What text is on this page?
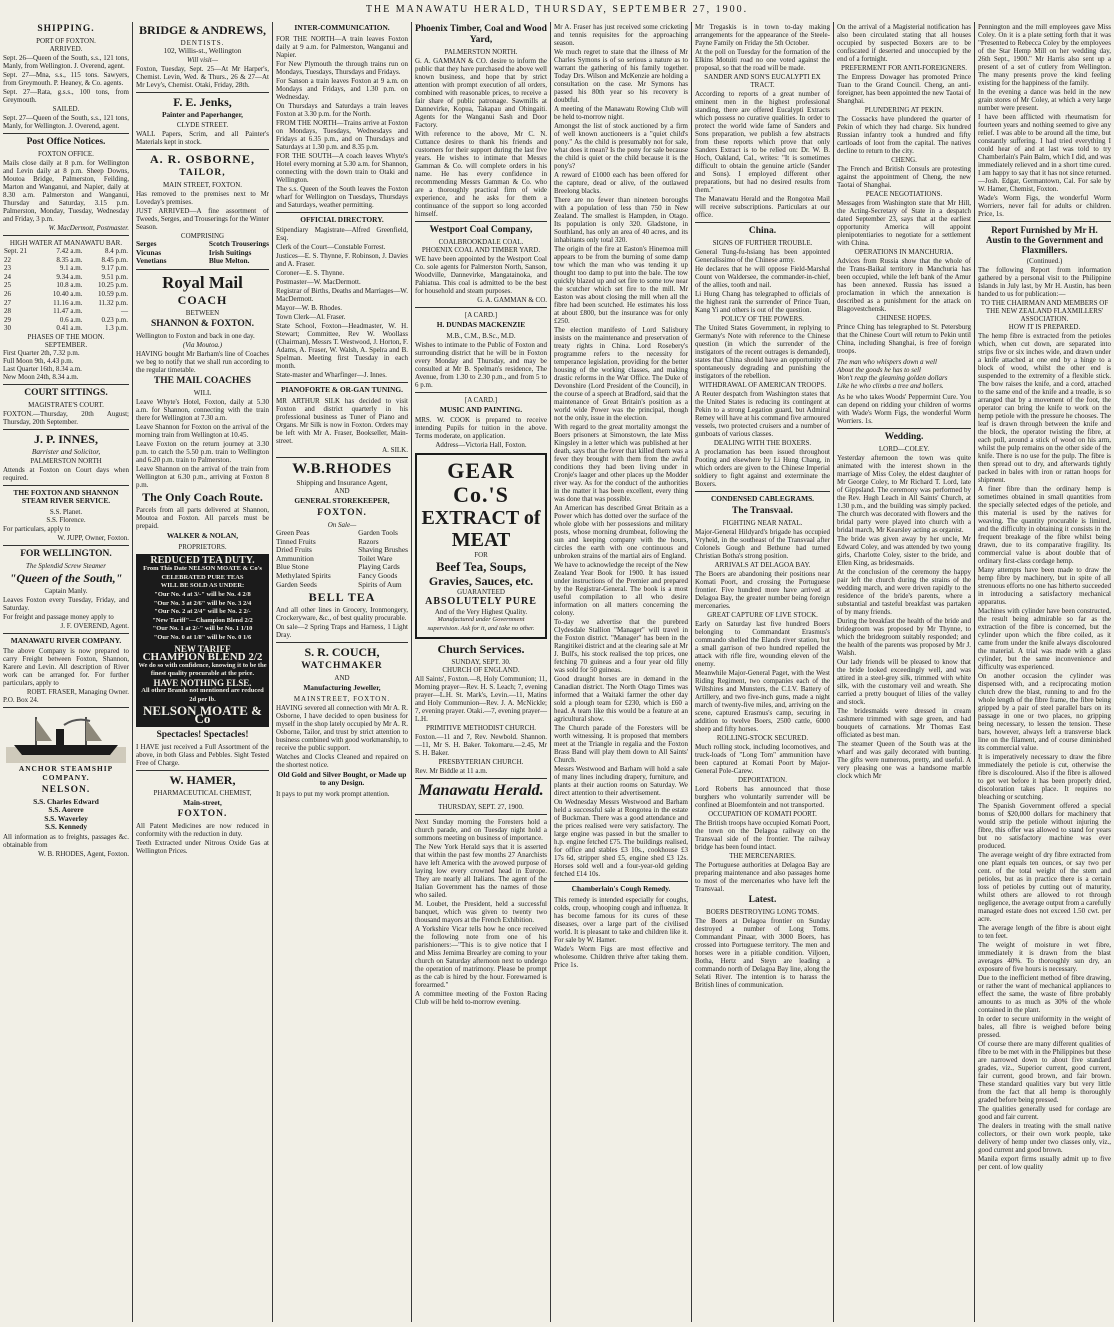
THE MANAWATU HERALD, THURSDAY, SEPTEMBER 27, 1900.
SHIPPING.
PORT OF FOXTON.
ARRIVED.
Sept. 26—Queen of the South, s.s., 121 tons, Manly, from Wellington. J. Overend, agent.
Sept. 27—Mna, s.s., 115 tons. Sawyers, from Greymouth. P. Heaney, & Co. agents.
Sept. 27—Rata, g.s.s., 100 tons, from Greymouth.
SAILED.
Sept. 27—Queen of the South, s.s., 121 tons, Manly, for Wellington. J. Overend, agent.
Post Office Notices.
FOXTON OFFICE.
Mails close daily at 8 p.m. for Wellington and Levin daily at 8 p.m. Sheep Downs, Moutoa Bridge, Palmerston, Feilding, Marton and Wanganui, and Napier, daily at 8.30 a.m. Palmerston and Wanganui, Thursday and Saturday, 3.15 p.m. Palmerston, Monday, Tuesday, Wednesday and Friday, 3 p.m.
W. MacDermott, Postmaster.
HIGH WATER AT MANAWATU BAR.
Sept. 21	7.42 a.m.	8.4 p.m.
22	8.35 a.m.	8.45 p.m.
23	9.1 a.m.	9.17 p.m.
24	9.34 a.m.	9.51 p.m.
25	10.8 a.m.	10.25 p.m.
26	10.40 a.m.	10.59 p.m.
27	11.16 a.m.	11.32 p.m.
28	11.47 a.m.	—
29	0.6 a.m.	0.23 p.m.
30	0.41 a.m.	1.3 p.m.
PHASES OF THE MOON.
SEPTEMBER.
First Quarter 2th, 7.32 p.m.
Full Moon 9th, 4.43 p.m.
Last Quarter 16th, 8.34 a.m.
New Moon 24th, 8.34 a.m.
COURT SITTINGS.
MAGISTRATE'S COURT.
FOXTON.—Thursday, 20th August; Thursday, 20th September.
J. P. INNES,
Barrister and Solicitor,
PALMERSTON NORTH
Attends at Foxton on Court days when required.
THE FOXTON AND SHANNON STEAM RIVER SERVICE.
S.S. Planet.
S.S. Florence.
For particulars, apply to
W. JUPP, Owner, Foxton.
FOR WELLINGTON.
The Splendid Screw Steamer
"Queen of the South,"
Captain Manly.
Leaves Foxton every Tuesday, Friday, and Saturday.
For freight and passage money apply to
J. F. OVEREND, Agent.
MANAWATU RIVER COMPANY.
The above Company is now prepared to carry Freight between Foxton, Shannon, Karere and Levin. All description of River work can be arranged for. For further particulars, apply to
ROBT. FRASER, Managing Owner.
P.O. Box 24.
ANCHOR STEAMSHIP COMPANY.
NELSON.
S.S. Charles Edward
S.S. Aorere
S.S. Waverley
S.S. Kennedy
All information as to freights, passages &c. obtainable from
W. B. RHODES, Agent, Foxton.
BRIDGE & ANDREWS,
DENTISTS.
102, Willis-st., Wellington
Will visit—
Foxton, Tuesday, Sept. 25—At Mr Harper's, Chemist. Levin, Wed. & Thurs., 26 & 27—At Mr Levy's, Chemist. Otaki, Friday, 28th.
F. E. Jenks,
Painter and Paperhanger,
CLYDE STREET.
WALL Papers, Scrim, and all Painter's Materials kept in stock.
A. R. OSBORNE,
TAILOR,
MAIN STREET, FOXTON.
Has removed to the premises next to Mr Loveday's premises.
JUST ARRIVED—A fine assortment of Tweeds, Serges, and Trouserings for the Winter Season.
COMPRISING
Serges
Vicunas
Venetians
Scotch Trouserings
Irish Suitings
Blue Melton.
Royal Mail
COACH
BETWEEN
SHANNON & FOXTON.
Wellington to Foxton and back in one day.
(Via Moutoa.)
HAVING bought Mr Barham's line of Coaches we beg to notify that we shall run according to the regular timetable.
THE MAIL COACHES
WILL
Leave Whyte's Hotel, Foxton, daily at 5.30 a.m. for Shannon, connecting with the train there for Wellington at 7.30 a.m.
Leave Shannon for Foxton on the arrival of the morning train from Wellington at 10.45.
Leave Foxton on the return journey at 3.30 p.m. to catch the 5.50 p.m. train to Wellington and 6.20 p.m. train to Palmerston.
Leave Shannon on the arrival of the train from Wellington at 6.30 p.m., arriving at Foxton 8 p.m.
The Only Coach Route.
Parcels from all parts delivered at Shannon, Moutoa and Foxton. All parcels must be prepaid.
WALKER & NOLAN,
PROPRIETORS.
REDUCED TEA DUTY.
From This Date NELSON MOATE & Co's
CELEBRATED PURE TEAS
WILL BE SOLD AS UNDER:
"Our No. 4 at 3/-" will be No. 4 2/8
"Our No. 3 at 2/6" will be No. 3 2/4
"Our No. 2 at 2/4" will be No. 2 2/-
"New Tariff"—Champion Blend 2/2
"Our No. 1 at 2/-" will be No. 1 1/10
"Our No. 0 at 1/8" will be No. 0 1/6
NEW TARIFF
CHAMPION BLEND 2/2
We do so with confidence, knowing it to be the finest quality procurable at the price.
HAVE NOTHING ELSE.
All other Brands not mentioned are reduced 2d per lb.
NELSON MOATE & Co
Spectacles! Spectacles!
I HAVE just received a Full Assortment of the above, in both Glass and Pebbles. Sight Tested Free of Charge.
W. HAMER,
PHARMACEUTICAL CHEMIST,
Main-street,
FOXTON.
All Patent Medicines are now reduced in conformity with the reduction in duty.
Teeth Extracted under Nitrous Oxide Gas at Wellington Prices.
INTER-COMMUNICATION.
FOR THE NORTH—A train leaves Foxton daily at 9 a.m. for Palmerston, Wanganui and Napier.
For New Plymouth the through trains run on Mondays, Tuesdays, Thursdays and Fridays.
For Sanson a train leaves Foxton at 9 a.m. on Mondays and Fridays, and 1.30 p.m. on Wednesday.
On Thursdays and Saturdays a train leaves Foxton at 3.30 p.m. for the North.
FROM THE NORTH—Trains arrive at Foxton on Mondays, Tuesdays, Wednesdays and Fridays at 6.35 p.m., and on Thursdays and Saturdays at 1.30 p.m. and 8.35 p.m.
FOR THE SOUTH—A coach leaves Whyte's Hotel every morning at 5.30 a.m. for Shannon, connecting with the down train to Otaki and Wellington.
The s.s. Queen of the South leaves the Foxton wharf for Wellington on Tuesdays, Thursdays and Saturdays, weather permitting.
OFFICIAL DIRECTORY.
Stipendiary Magistrate—Alfred Greenfield, Esq.
Clerk of the Court—Constable Forrest.
Justices—E. S. Thynne, F. Robinson, J. Davies and A. Fraser.
Coroner—E. S. Thynne.
Postmaster—W. MacDermott.
Registrar of Births, Deaths and Marriages—W. MacDermott.
Mayor—W. B. Rhodes.
Town Clerk—Al. Fraser.
State School, Foxton—Headmaster, W. H. Stewart; Committee, Rev W. Woollass (Chairman), Messrs T. Westwood, J. Horton, F. Adams, A. Fraser, W. Walsh, A. Spelra and B. Spelman. Meeting first Tuesday in each month.
State-master and Wharfinger—J. Innes.
PIANOFORTE & OR-GAN TUNING.
MR ARTHUR SILK has decided to visit Foxton and district quarterly in his professional business as Tuner of Piano and Organs. Mr Silk is now in Foxton. Orders may be left with Mr A. Fraser, Bookseller, Main-street.
A. SILK.
W.B.RHODES
Shipping and Insurance Agent,
AND
GENERAL STOREKEEPER,
FOXTON.
On Sale—
Green Peas
Tinned Fruits
Dried Fruits
Ammunition
Blue Stone
Methylated Spirits
Garden Seeds
Garden Tools
Razors
Shaving Brushes
Toilet Ware
Playing Cards
Fancy Goods
Spirits of Aum
BELL TEA
And all other lines in Grocery, Ironmongery, Crockeryware, &c., of best quality procurable.
On sale—2 Spring Traps and Harness, 1 Light Dray.
S. R. COUCH,
WATCHMAKER
AND
Manufacturing Jeweller,
MAINSTREET, FOXTON.
HAVING severed all connection with Mr A. R. Osborne, I have decided to open business for myself in the shop lately occupied by Mr A. R. Osborne, Tailor, and trust by strict attention to business combined with good workmanship, to receive the public support.
Watches and Clocks Cleaned and repaired on the shortest notice.
Old Gold and Silver Bought, or Made up to any Design.
It pays to put my work prompt attention.
Phoenix Timber, Coal and Wood Yard,
PALMERSTON NORTH.
G. A. GAMMAN & CO. desire to inform the public that they have purchased the above well known business, and hope that by strict attention with prompt execution of all orders, combined with reasonable prices, to receive a fair share of public patronage. Sawmills at Dannevirke, Kopua, Takapau and Ohingaiti. Agents for the Wanganui Sash and Door Factory.
With reference to the above, Mr C. N. Cuttance desires to thank his friends and customers for their support during the last five years. He wishes to intimate that Messrs Gamman & Co. will complete orders in his name. He has every confidence in recommending Messrs Gamman & Co. who are a thoroughly practical firm of wide experience, and he asks for them a continuance of the support so long accorded himself.
Westport Coal Company,
COALBROOKDALE COAL.
PHOENIX COAL AND TIMBER YARD.
WE have been appointed by the Westport Coal Co. sole agents for Palmerston North, Sanson, Woodville, Dannevirke, Mangatainoka, and Pahiatua. This coal is admitted to be the best for household and steam purposes.
G. A. GAMMAN & CO.
[A CARD.]
H. DUNDAS MACKENZIE
M.B., C.M., B.Sc., M.D.
Wishes to intimate to the Public of Foxton and surrounding district that he will be in Foxton every Monday and Thursday, and may be consulted at Mr B. Spelman's residence, The Avenue, from 1.30 to 2.30 p.m., and from 5 to 6 p.m.
[A CARD.]
MUSIC AND PAINTING.
MRS. W. COOK is prepared to receive intending Pupils for tuition in the above. Terms moderate, on application.
Address—Victoria Hall, Foxton.
GEAR Co.'S
EXTRACT of MEAT
FOR
Beef Tea, Soups,
Gravies, Sauces, etc.
GUARANTEED
ABSOLUTELY PURE
And of the Very Highest Quality.
Manufactured under Government supervision. Ask for it, and take no other.
Church Services.
SUNDAY, SEPT. 30.
CHURCH OF ENGLAND.
All Saints', Foxton.—8, Holy Communion; 11, Morning prayer—Rev. H. S. Leach; 7, evening prayer—L.H. St. Mark's, Levin.—11, Matins and Holy Communion—Rev. J. A. McNickle; 7, evening prayer. Otaki.—7, evening prayer—L.H.
PRIMITIVE METHODIST CHURCH.
Foxton.—11 and 7, Rev. Newbold. Shannon.—11, Mr S. H. Baker. Tokomaru.—2.45, Mr S. H. Baker.
PRESBYTERIAN CHURCH.
Rev. Mr Biddle at 11 a.m.
Manawatu Herald.
THURSDAY, SEPT. 27, 1900.
Next Sunday morning the Foresters hold a church parade, and on Tuesday night hold a sommons meeting on business of importance.
The New York Herald says that it is asserted that within the past few months 27 Anarchists have left America with the avowed purpose of laying low every crowned head in Europe. They are nearly all Italians. The agent of the Italian Government has the names of those who sailed.
M. Loubet, the President, held a successful banquet, which was given to twenty two thousand mayors at the French Exhibition.
A Yorkshire Vicar tells how he once received the following note from one of his parishioners:—"This is to give notice that I and Miss Jemima Brearley are coming to your church on Saturday afternoon next to undergo the operation of matrimony. Please be prompt as the cab is hired by the hour. Forewarned is forearmed."
A committee meeting of the Foxton Racing Club will be held to-morrow evening.
Mr A. Fraser has just received some cricketing and tennis requisites for the approaching season.
We much regret to state that the illness of Mr Charles Symons is of so serious a nature as to warrant the gathering of his family together. Today Drs. Wilson and McKenzie are holding a consultation on the case. Mr Symons has passed his 80th year so his recovery is doubtful.
A meeting of the Manawatu Rowing Club will be held to-morrow night.
Amongst the list of stock auctioned by a firm of well known auctioneers is a "quiet child's pony." As the child is presumably not for sale, what does it mean? Is the pony for sale because the child is quiet or the child because it is the pony's?
A reward of £1000 each has been offered for the capture, dead or alive, of the outlawed Breelong blacks.
There are no fewer than nineteen boroughs with a population of less than 750 in New Zealand. The smallest is Hampden, in Otago. Its population is only 320. Gladstone, in Southland, has only an area of 40 acres, and its inhabitants only total 320.
The origin of the fire at Easton's Hinemoa mill appears to be from the burning of some damp tow which the man who was tending it up thought too damp to put into the bale. The tow quickly blazed up and set fire to some tow near the scutcher which set fire to the mill. Mr Easton was about closing the mill when all the fibre had been scutched. He estimates his loss at about £800, but the insurance was for only £250.
The election manifesto of Lord Salisbury insists on the maintenance and preservation of treaty rights in China. Lord Rosebery's programme refers to the necessity for temperance legislation, providing for the better housing of the working classes, and making drastic reforms in the War Office. The Duke of Devonshire (Lord President of the Council), in the course of a speech at Bradford, said that the maintenance of Great Britain's position as a world wide Power was the principal, though not the only, issue in the election.
With regard to the great mortality amongst the Boers prisoners at Simonstown, the late Miss Kingsley in a letter which was published at her death, says that the fever that killed them was a fever they brought with them from the awful conditions they had been living under in Cronje's laager and other places up the Modder river way. As for the conduct of the authorities in the matter it has been excellent, every thing was done that was possible.
An American has described Great Britain as a Power which has dotted over the surface of the whole globe with her possessions and military posts, whose morning drumbeat, following the sun and keeping company with the hours, circles the earth with one continuous and unbroken strains of the martial airs of England.
We have to acknowledge the receipt of the New Zealand Year Book for 1900. It has issued under instructions of the Premier and prepared by the Registrar-General. The book is a most useful compilation to all who desire information on all matters concerning the colony.
To-day we advertise that the purebred Clydesdale Stallion "Manager" will travel in the Foxton district. "Manager" has been in the Rangitikei district and at the clearing sale at Mr J. Bull's, his stock realised the top prices, one fetching 70 guineas and a four year old filly was sold for 50 guineas.
Good draught horses are in demand in the Canadian district. The North Otago Times was informed that a Waitaki farmer the other day sold a plough team for £230, which is £60 a head. A team like this would be a feature at an agricultural show.
The Church parade of the Foresters will be worth witnessing. It is proposed that members meet at the Triangle in regalia and the Foxton Brass Band will play them down to All Saints' Church.
Messrs Westwood and Barham will hold a sale of many lines including drapery, furniture, and plants at their auction rooms on Saturday. We direct attention to their advertisement.
On Wednesday Messrs Westwood and Barham held a successful sale at Rongotea in the estate of Buckman. There was a good attendance and the prices realised were very satisfactory. The large engine was passed in but the smaller to h.p. engine fetched £75. The buildings realised, for office and stables £3 10s., cookhouse £3 17s 6d, stripper shed £5, engine shed £3 12s. Horses sold well and a four-year-old gelding fetched £14 10s.
Chamberlain's Cough Remedy.
This remedy is intended especially for coughs, colds, croup, whooping cough and influenza. It has become famous for its cures of these diseases, over a large part of the civilised world. It is pleasant to take and children like it. For sale by W. Hamer.
Wade's Worm Figs are most effective and wholesome. Children thrive after taking them. Price 1s.
Mr Tregaskis is in town to-day making arrangements for the appearance of the Steele-Payne Family on Friday the 5th October.
At the poll on Tuesday for the formation of the Elkins Motuiti road no one voted against the proposal, so that the road will be made.
SANDER AND SON'S EUCALYPTI EX TRACT.
According to reports of a great number of eminent men in the highest professional standing, there are offered Eucalypti Extracts which possess no curative qualities. In order to protect the world wide fame of Sanders and Sons preparation, we publish a few abstracts from these reports which prove that only Sanders Extract is to be relied on: Dr. W. B. Hoch, Oakland, Cal., writes: "It is sometimes difficult to obtain the genuine article (Sander and Sons). I employed different other preparations, but had no desired results from them."
The Manawatu Herald and the Rongotea Mail will receive subscriptions. Particulars at our office.
China.
SIGNS OF FURTHER TROUBLE.
General Tung-fu-hsiang has been appointed Generalissimo of the Chinese army.
He declares that he will oppose Field-Marshal Count von Waldersee, the commander-in-chief, of the allies, tooth and nail.
Li Hung Chang has telegraphed to officials of the highest rank the surrender of Prince Tuan, Kang Yi and others is out of the question.
POLICY OF THE POWERS.
The United States Government, in replying to Germany's Note with reference to the Chinese question (in which the surrender of the instigators of the recent outrages is demanded), states that China should have an opportunity of spontaneously degrading and punishing the instigators of the rebellion.
WITHDRAWAL OF AMERICAN TROOPS.
A Reuter despatch from Washington states that the United States is reducing its contingent at Pekin to a strong Legation guard, but Admiral Remey will have at his command five armoured vessels, two protected cruisers and a number of gunboats of various classes.
DEALING WITH THE BOXERS.
A proclamation has been issued throughout Pooting and elsewhere by Li Hung Chang, in which orders are given to the Chinese Imperial soldiery to fight against and exterminate the Boxers.
CONDENSED CABLEGRAMS.
The Transvaal.
FIGHTING NEAR NATAL.
Major-General Hildyard's brigade has occupied Vryheid, in the southeast of the Transvaal after Colonels Gough and Bethune had turned Christian Botha's strong position.
ARRIVALS AT DELAGOA BAY.
The Boers are abandoning their positions near Komati Poort, and crossing the Portuguese frontier. Five hundred more have arrived at Delagoa Bay, the greater number being foreign mercenaries.
GREAT CAPTURE OF LIVE STOCK.
Early on Saturday last five hundred Boers belonging to Commandant Erasmus's commando shelled the Elands river station, but a small garrison of two hundred repelled the attack with rifle fire, wounding eleven of the enemy.
Meanwhile Major-General Paget, with the West Riding Regiment, two companies each of the Wiltshires and Munsters, the C.I.V. Battery of Artillery, and two five-inch guns, made a night march of twenty-five miles, and, arriving on the scene, captured Erasmus's camp, securing in addition to twelve Boers, 2500 cattle, 6000 sheep and fifty horses.
ROLLING-STOCK SECURED.
Much rolling stock, including locomotives, and truck-loads of "Long Tom" ammunition have been captured at Komati Poort by Major-General Pole-Carew.
DEPORTATION.
Lord Roberts has announced that those burghers who voluntarily surrender will be confined at Bloemfontein and not transported.
OCCUPATION OF KOMATI POORT.
The British troops have occupied Komati Poort, the town on the Delagoa railway on the Transvaal side of the frontier. The railway bridge has been found intact.
THE MERCENARIES.
The Portuguese authorities at Delagoa Bay are preparing maintenance and also passages home to most of the mercenaries who have left the Transvaal.
Latest.
BOERS DESTROYING LONG TOMS.
The Boers at Delagoa frontier on Sunday destroyed a number of Long Toms. Commandant Pinaar, with 3000 Boers, has crossed into Portuguese territory. The men and horses were in a pitiable condition. Viljoen, Botha, Hertz and Steyn are leading a commando north of Delagoa Bay line, along the Selati River. The intention is to harass the British lines of communication.
On the arrival of a Magisterial notification has also been circulated stating that all houses occupied by suspected Boxers are to be confiscated if deserted and unoccupied by the end of a fortnight.
PREFERMENT FOR ANTI-FOREIGNERS.
The Empress Dowager has promoted Prince Tuan to the Grand Council. Cheng, an anti-foreigner, has been appointed the new Taotai of Shanghai.
PLUNDERING AT PEKIN.
The Cossacks have plundered the quarter of Pekin of which they had charge. Six hundred Russian infantry took a hundred and fifty cartloads of loot from the capital. The natives decline to return to the city.
CHENG.
The French and British Consuls are protesting against the appointment of Cheng, the new Taotai of Shanghai.
PEACE NEGOTIATIONS.
Messages from Washington state that Mr Hill, the Acting-Secretary of State in a despatch dated September 23, says that at the earliest opportunity America will appoint plenipotentiaries to negotiate for a settlement with China.
OPERATIONS IN MANCHURIA.
Advices from Russia show that the whole of the Trans-Baikal territory in Manchuria has been occupied, while the left bank of the Amur has been annexed. Russia has issued a proclamation in which the annexation is described as a punishment for the attack on Blagovestchensk.
CHINESE HOPES.
Prince Ching has telegraphed to St. Petersburg that the Chinese Court will return to Pekin until China, including Shanghai, is free of foreign troops.
The man who whispers down a well
About the goods he has to sell
Won't reap the gleaming golden dollars
Like he who climbs a tree and hollers.
As he who takes Woods' Peppermint Cure. You can depend on ridding your children of worms with Wade's Worm Figs, the wonderful Worm Worriers. 1s.
Wedding.
LORD—COLEY.
Yesterday afternoon the town was quite animated with the interest shown in the marriage of Miss Coley, the eldest daughter of Mr George Coley, to Mr Richard T. Lord, late of Gippsland. The ceremony was performed by the Rev. Hugh Leach in All Saints' Church, at 1.30 p.m., and the building was simply packed. The church was decorated with flowers and the bridal party were played into church with a bridal march, Mr Kearsley acting as organist.
The bride was given away by her uncle, Mr Edward Coley, and was attended by two young girls, Charlotte Coley, sister to the bride, and Ellen King, as bridesmaids.
At the conclusion of the ceremony the happy pair left the church during the strains of the wedding march, and were driven rapidly to the residence of the bride's parents, where a substantial and tasteful breakfast was partaken of by many friends.
During the breakfast the health of the bride and bridegroom was proposed by Mr Thynne, to which the bridegroom suitably responded; and the health of the parents was proposed by Mr J. Walsh.
Our lady friends will be pleased to know that the bride looked exceedingly well, and was attired in a steel-grey silk, trimmed with white silk, with the customary veil and wreath. She carried a pretty bouquet of lilies of the valley and stock.
The bridesmaids were dressed in cream cashmere trimmed with sage green, and had bouquets of carnations. Mr Thomas East officiated as best man.
The steamer Queen of the South was at the wharf and was gaily decorated with bunting. The gifts were numerous, pretty, and useful. A very pleasing one was a handsome marble clock which Mr
Pennington and the mill employees gave Miss Coley. On it is a plate setting forth that it was "Presented to Rebecca Coley by the employees of the Star Hemp Mill on her wedding day, 26th Sept., 1900." Mr Harris also sent up a present of a set of cutlery from Wellington. The many presents prove the kind feeling existing for the happiness of the family.
In the evening a dance was held in the new grain stores of Mr Coley, at which a very large number were present.
I have been afflicted with rheumatism for fourteen years and nothing seemed to give any relief. I was able to be around all the time, but constantly suffering. I had tried everything I could hear of and at last was told to try Chamberlain's Pain Balm, which I did, and was immediately relieved and in a short time cured. I am happy to say that it has not since returned.—Josh. Edgar, Germantown, Cal. For sale by W. Hamer, Chemist, Foxton.
Wade's Worm Figs, the wonderful Worm Worriers, never fail for adults or children. Price, 1s.
Report Furnished by Mr H. Austin to the Government and Flaxmillers.
(Continued.)
The following Report from information gathered by a personal visit to the Philippine Islands in July last, by Mr H. Austin, has been handed to us for publication:—
TO THE CHAIRMAN AND MEMBERS OF THE NEW ZEALAND FLAXMILLERS' ASSOCIATION.
HOW IT IS PREPARED.
The hemp fibre is extracted from the petioles which, when cut down, are separated into strips five or six inches wide, and drawn under a knife attached at one end by a hinge to a block of wood, whilst the other end is suspended to the extremity of a flexible stick. The bow raises the knife, and a cord, attached to the same end of the knife and a treadle, is so arranged that by a movement of the foot, the operator can bring the knife to work on the hemp petiole with the pressure he chooses. The leaf is drawn through between the knife and the block, the operator twisting the fibre, at each pull, around a stick of wood on his arm, whilst the pulp remains on the other side of the knife. There is no use for the pulp. The fibre is then spread out to dry, and afterwards tightly packed in bales with iron or rattan hoops for shipment.
A finer fibre than the ordinary hemp is sometimes obtained in small quantities from the specially selected edges of the petiole, and this material is used by the natives for weaving. The quantity procurable is limited, and the difficulty in obtaining it consists in the frequent breakage of the fibre whilst being drawn, due to its comparative fragility. Its commercial value is about double that of ordinary first-class cordage hemp.
Many attempts have been made to draw the hemp fibre by machinery, but in spite of all strenuous efforts no one has hitherto succeeded in introducing a satisfactory mechanical apparatus.
Machines with cylinder have been constructed, the result being admirable so far as the extraction of the fibre is concerned, but the cylinder upon which the fibre coiled, as it came from under the knife always discoloured the material. A trial was made with a glass cylinder, but the same inconvenience and difficulty was experienced.
On another occasion the cylinder was dispensed with, and a reciprocating motion clutch drew the blast, running to and fro the whole length of the fibre frame, the fibre being gripped by a pair of steel parallel bars on its passage in one or two places, no gripping being necessary, to lessen the tension. These bars, however, always left a transverse black line on the filament, and of course diminished its commercial value.
It is imperatively necessary to draw the fibre immediately the petiole is cut, otherwise the fibre is discoloured. Also if the fibre is allowed to get wet before it has been properly dried, discoloration takes place. It requires no bleaching or scutching.
The Spanish Government offered a special bonus of $20,000 dollars for machinery that would strip the petiole without injuring the fibre, this offer was allowed to stand for years but no satisfactory machine was ever produced.
The average weight of dry fibre extracted from one plant equals ten ounces, or say two per cent. of the total weight of the stem and petioles, but as in practice there is a certain loss of petioles by cutting out of maturity, whilst others are allowed to rot through negligence, the average output from a carefully managed estate does not exceed 1.50 cwt. per acre.
The average length of the fibre is about eight to ten feet.
The weight of moisture in wet fibre, immediately it is drawn from the blast averages 40%. To thoroughly sun dry, an exposure of five hours is necessary.
Due to the inefficient method of fibre drawing, or rather the want of mechanical appliances to effect the same, the waste of fibre probably amounts to as much as 30% of the whole contained in the plant.
In order to secure uniformity in the weight of bales, all fibre is weighed before being pressed.
Of course there are many different qualities of fibre to be met with in the Philippines but these are narrowed down to about five standard grades, viz., Superior current, good current, fair current, good brown, and fair brown. These standard qualities vary but very little from the fact that all hemp is thoroughly graded before being pressed.
The qualities generally used for cordage are good and fair current.
The dealers in treating with the small native collectors, or their own work people, take delivery of hemp under two classes only, viz., good current and good brown.
Manila export firms usually admit up to five per cent. of low quality
